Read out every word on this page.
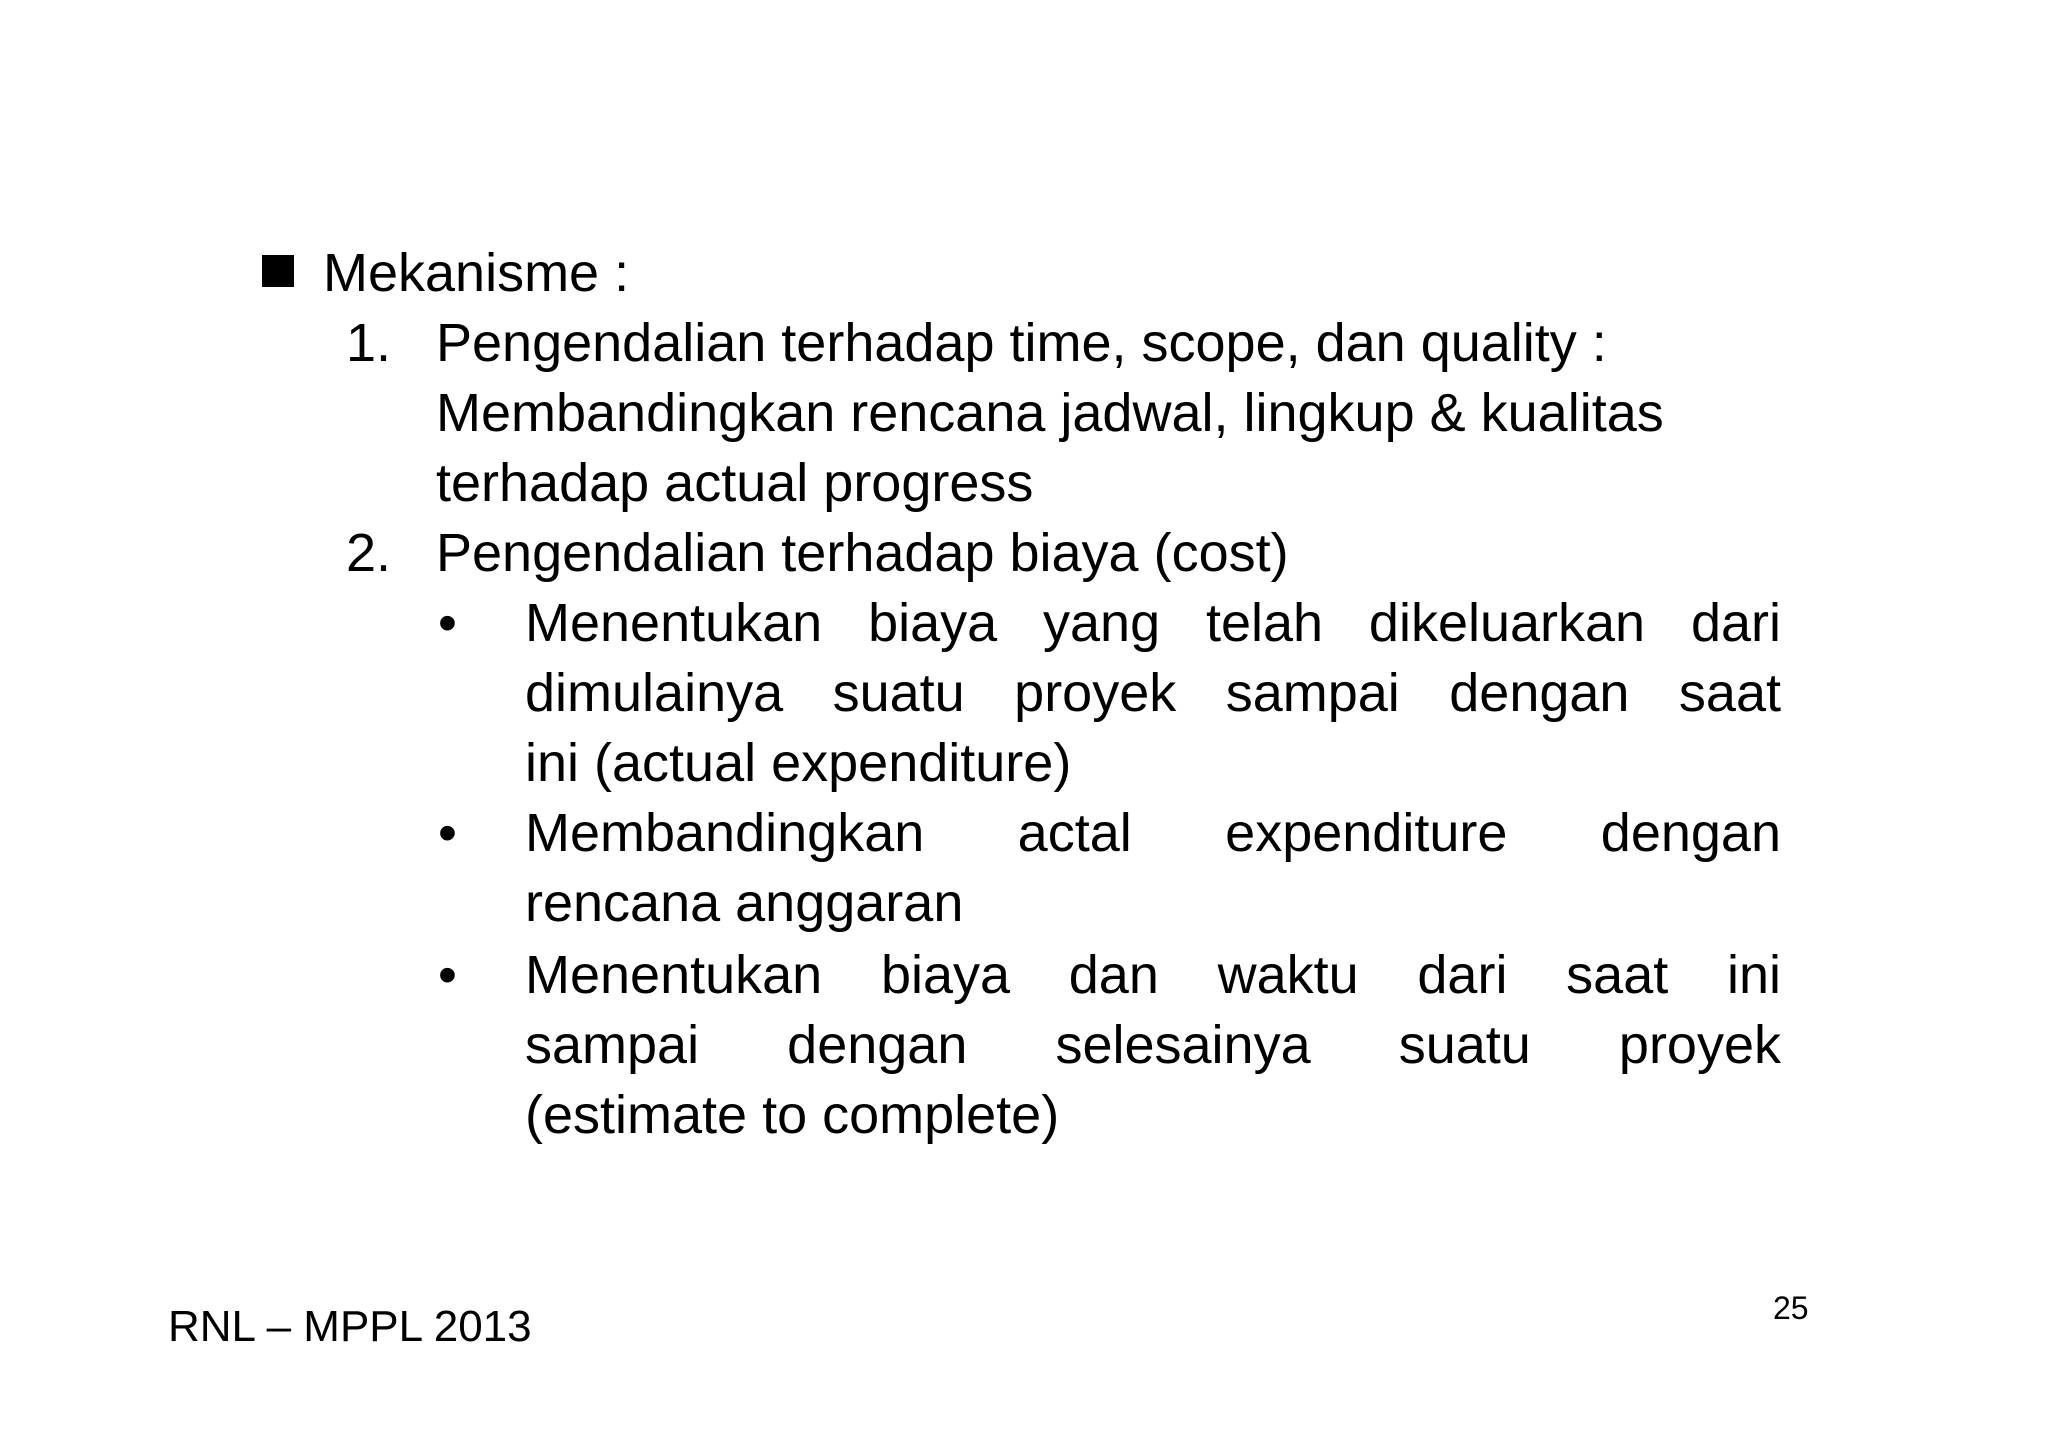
Mekanisme :
1. Pengendalian terhadap time, scope, dan quality :
Membandingkan rencana jadwal, lingkup & kualitas
terhadap actual progress
2. Pengendalian terhadap biaya (cost)
• Menentukan biaya yang telah dikeluarkan dari
dimulainya suatu proyek sampai dengan saat
ini (actual expenditure)
• Membandingkan actal expenditure dengan
rencana anggaran
• Menentukan biaya dan waktu dari saat ini
sampai dengan selesainya suatu proyek
(estimate to complete)
RNL – MPPL 2013	25
